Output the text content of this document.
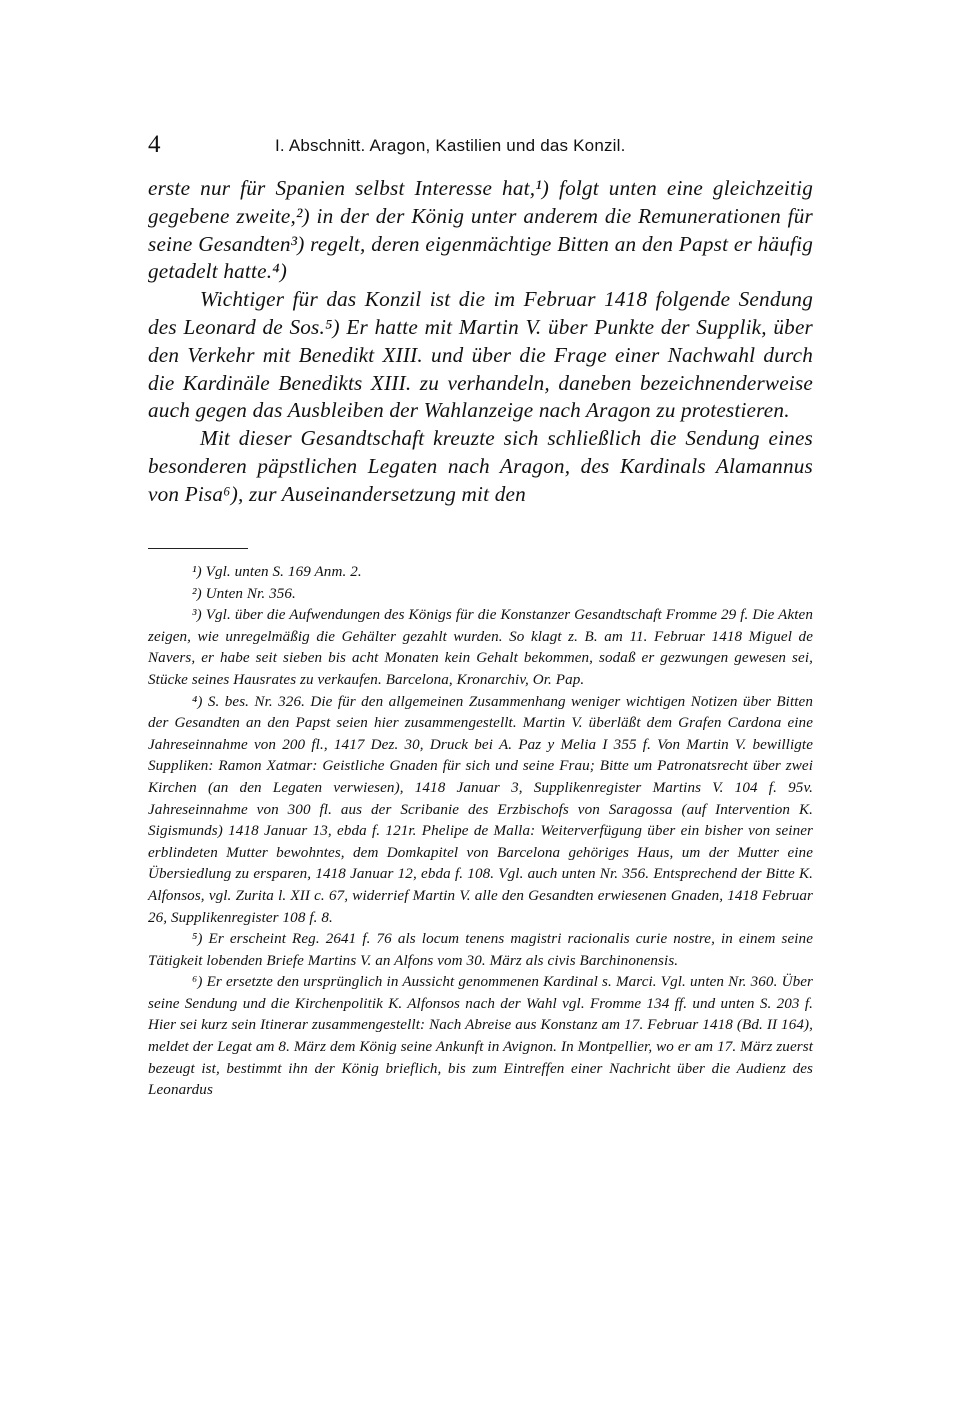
4	I. Abschnitt. Aragon, Kastilien und das Konzil.

erste nur für Spanien selbst Interesse hat,¹) folgt unten eine gleichzeitig gegebene zweite,²) in der der König unter anderem die Remunerationen für seine Gesandten³) regelt, deren eigenmächtige Bitten an den Papst er häufig getadelt hatte.⁴)

Wichtiger für das Konzil ist die im Februar 1418 folgende Sendung des Leonard de Sos.⁵) Er hatte mit Martin V. über Punkte der Supplik, über den Verkehr mit Benedikt XIII. und über die Frage einer Nachwahl durch die Kardinäle Benedikts XIII. zu verhandeln, daneben bezeichnenderweise auch gegen das Ausbleiben der Wahlanzeige nach Aragon zu protestieren.

Mit dieser Gesandtschaft kreuzte sich schließlich die Sendung eines besonderen päpstlichen Legaten nach Aragon, des Kardinals Alamannus von Pisa⁶), zur Auseinandersetzung mit den

¹) Vgl. unten S. 169 Anm. 2.

²) Unten Nr. 356.

³) Vgl. über die Aufwendungen des Königs für die Konstanzer Gesandtschaft Fromme 29 f. Die Akten zeigen, wie unregelmäßig die Gehälter gezahlt wurden. So klagt z. B. am 11. Februar 1418 Miguel de Navers, er habe seit sieben bis acht Monaten kein Gehalt bekommen, sodaß er gezwungen gewesen sei, Stücke seines Hausrates zu verkaufen. Barcelona, Kronarchiv, Or. Pap.

⁴) S. bes. Nr. 326. Die für den allgemeinen Zusammenhang weniger wichtigen Notizen über Bitten der Gesandten an den Papst seien hier zusammengestellt. Martin V. überläßt dem Grafen Cardona eine Jahreseinnahme von 200 fl., 1417 Dez. 30, Druck bei A. Paz y Melia I 355 f. Von Martin V. bewilligte Suppliken: Ramon Xatmar: Geistliche Gnaden für sich und seine Frau; Bitte um Patronatsrecht über zwei Kirchen (an den Legaten verwiesen), 1418 Januar 3, Supplikenregister Martins V. 104 f. 95v. Jahreseinnahme von 300 fl. aus der Scribanie des Erzbischofs von Saragossa (auf Intervention K. Sigismunds) 1418 Januar 13, ebda f. 121r. Phelipe de Malla: Weiterverfügung über ein bisher von seiner erblindeten Mutter bewohntes, dem Domkapitel von Barcelona gehöriges Haus, um der Mutter eine Übersiedlung zu ersparen, 1418 Januar 12, ebda f. 108. Vgl. auch unten Nr. 356. Entsprechend der Bitte K. Alfonsos, vgl. Zurita l. XII c. 67, widerrief Martin V. alle den Gesandten erwiesenen Gnaden, 1418 Februar 26, Supplikenregister 108 f. 8.

⁵) Er erscheint Reg. 2641 f. 76 als locum tenens magistri racionalis curie nostre, in einem seine Tätigkeit lobenden Briefe Martins V. an Alfons vom 30. März als civis Barchinonensis.

⁶) Er ersetzte den ursprünglich in Aussicht genommenen Kardinal s. Marci. Vgl. unten Nr. 360. Über seine Sendung und die Kirchenpolitik K. Alfonsos nach der Wahl vgl. Fromme 134 ff. und unten S. 203 f. Hier sei kurz sein Itinerar zusammengestellt: Nach Abreise aus Konstanz am 17. Februar 1418 (Bd. II 164), meldet der Legat am 8. März dem König seine Ankunft in Avignon. In Montpellier, wo er am 17. März zuerst bezeugt ist, bestimmt ihn der König brieflich, bis zum Eintreffen einer Nachricht über die Audienz des Leonardus
